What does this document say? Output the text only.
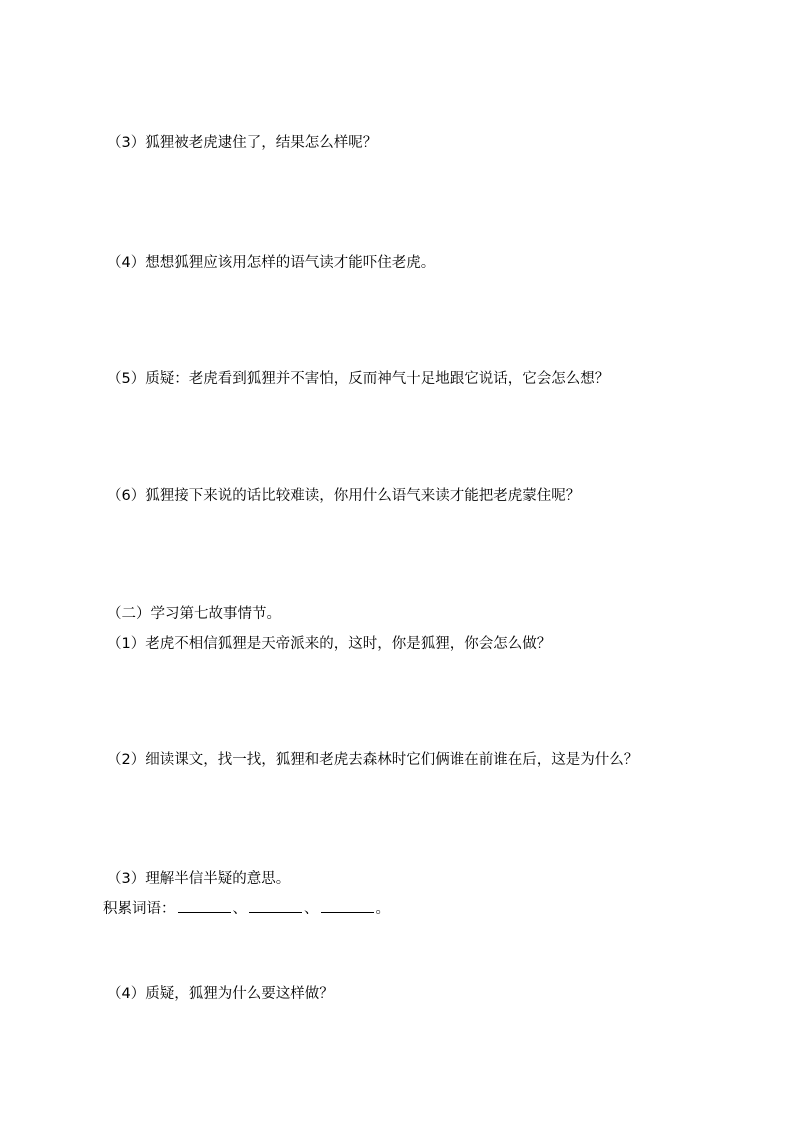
（3）狐狸被老虎逮住了，结果怎么样呢？

（4）想想狐狸应该用怎样的语气读才能吓住老虎。

（5）质疑：老虎看到狐狸并不害怕，反而神气十足地跟它说话，它会怎么想？

（6）狐狸接下来说的话比较难读，你用什么语气来读才能把老虎蒙住呢？

（二）学习第七故事情节。

（1）老虎不相信狐狸是天帝派来的，这时，你是狐狸，你会怎么做？

（2）细读课文，找一找，狐狸和老虎去森林时它们俩谁在前谁在后，这是为什么？

（3）理解半信半疑的意思。

积累词语：	、	、	。

（4）质疑，狐狸为什么要这样做？
